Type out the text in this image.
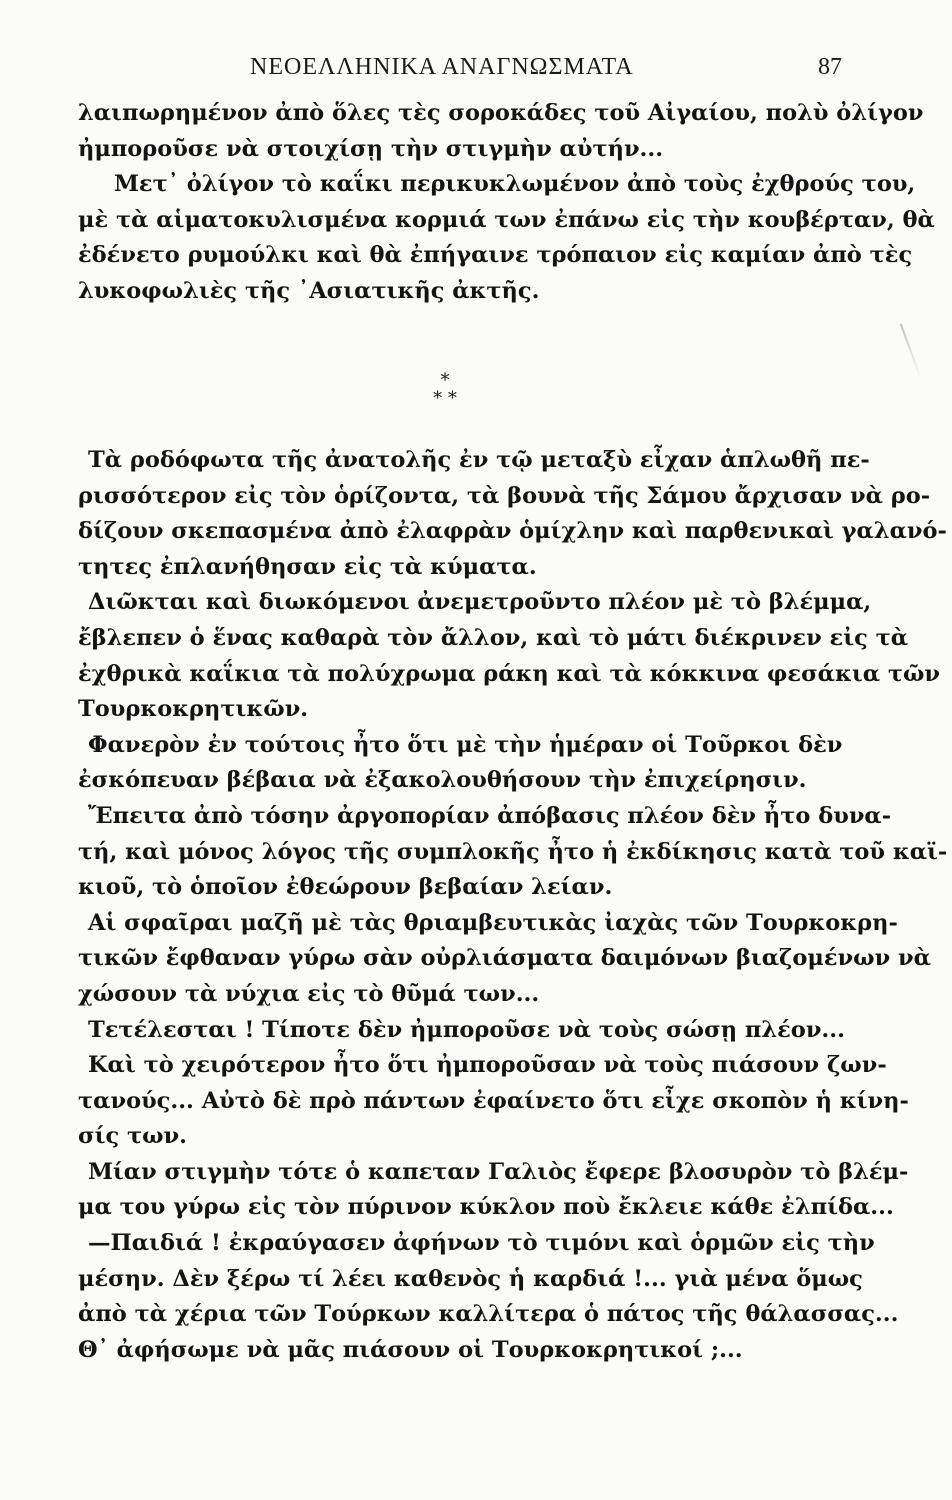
ΝΕΟΕΛΛΗΝΙΚΑ ΑΝΑΓΝΩΣΜΑΤΑ	87
λαιπωρημένον ἀπὸ ὅλες τὲς σοροκάδες τοῦ Αἰγαίου, πολὺ ὀλίγον
ἠμποροῦσε νὰ στοιχίσῃ τὴν στιγμὴν αὐτήν...
Μετ᾽ ὀλίγον τὸ καΐκι περικυκλωμένον ἀπὸ τοὺς ἐχθρούς του,
μὲ τὰ αἱματοκυλισμένα κορμιά των ἐπάνω εἰς τὴν κουβέρταν, θὰ
ἐδένετο ρυμούλκι καὶ θὰ ἐπήγαινε τρόπαιον εἰς καμίαν ἀπὸ τὲς
λυκοφωλιὲς τῆς ᾽Ασιατικῆς ἀκτῆς.
*
* *
Τὰ ροδόφωτα τῆς ἀνατολῆς ἐν τῷ μεταξὺ εἶχαν ἁπλωθῆ πε-
ρισσότερον εἰς τὸν ὁρίζοντα, τὰ βουνὰ τῆς Σάμου ἄρχισαν νὰ ρο-
δίζουν σκεπασμένα ἀπὸ ἐλαφρὰν ὁμίχλην καὶ παρθενικαὶ γαλανό-
τητες ἐπλανήθησαν εἰς τὰ κύματα.
Διῶκται καὶ διωκόμενοι ἀνεμετροῦντο πλέον μὲ τὸ βλέμμα,
ἔβλεπεν ὁ ἕνας καθαρὰ τὸν ἄλλον, καὶ τὸ μάτι διέκρινεν εἰς τὰ
ἐχθρικὰ καΐκια τὰ πολύχρωμα ράκη καὶ τὰ κόκκινα φεσάκια τῶν
Τουρκοκρητικῶν.
Φανερὸν ἐν τούτοις ἦτο ὅτι μὲ τὴν ἡμέραν οἱ Τοῦρκοι δὲν
ἐσκόπευαν βέβαια νὰ ἐξακολουθήσουν τὴν ἐπιχείρησιν.
Ἔπειτα ἀπὸ τόσην ἀργοπορίαν ἀπόβασις πλέον δὲν ἦτο δυνα-
τή, καὶ μόνος λόγος τῆς συμπλοκῆς ἦτο ἡ ἐκδίκησις κατὰ τοῦ καϊ-
κιοῦ, τὸ ὁποῖον ἐθεώρουν βεβαίαν λείαν.
Αἱ σφαῖραι μαζῆ μὲ τὰς θριαμβευτικὰς ἰαχὰς τῶν Τουρκοκρη-
τικῶν ἔφθαναν γύρω σὰν οὐρλιάσματα δαιμόνων βιαζομένων νὰ
χώσουν τὰ νύχια εἰς τὸ θῦμά των...
Τετέλεσται ! Τίποτε δὲν ἠμποροῦσε νὰ τοὺς σώσῃ πλέον...
Καὶ τὸ χειρότερον ἦτο ὅτι ἠμποροῦσαν νὰ τοὺς πιάσουν ζων-
τανούς... Αὐτὸ δὲ πρὸ πάντων ἐφαίνετο ὅτι εἶχε σκοπὸν ἡ κίνη-
σίς των.
Μίαν στιγμὴν τότε ὁ καπεταν Γαλιὸς ἔφερε βλοσυρὸν τὸ βλέμ-
μα του γύρω εἰς τὸν πύρινον κύκλον ποὺ ἔκλειε κάθε ἐλπίδα...
—Παιδιά ! ἐκραύγασεν ἀφήνων τὸ τιμόνι καὶ ὁρμῶν εἰς τὴν
μέσην. Δὲν ξέρω τί λέει καθενὸς ἡ καρδιά !... γιὰ μένα ὅμως
ἀπὸ τὰ χέρια τῶν Τούρκων καλλίτερα ὁ πάτος τῆς θάλασσας...
Θ᾽ ἀφήσωμε νὰ μᾶς πιάσουν οἱ Τουρκοκρητικοί ;...
